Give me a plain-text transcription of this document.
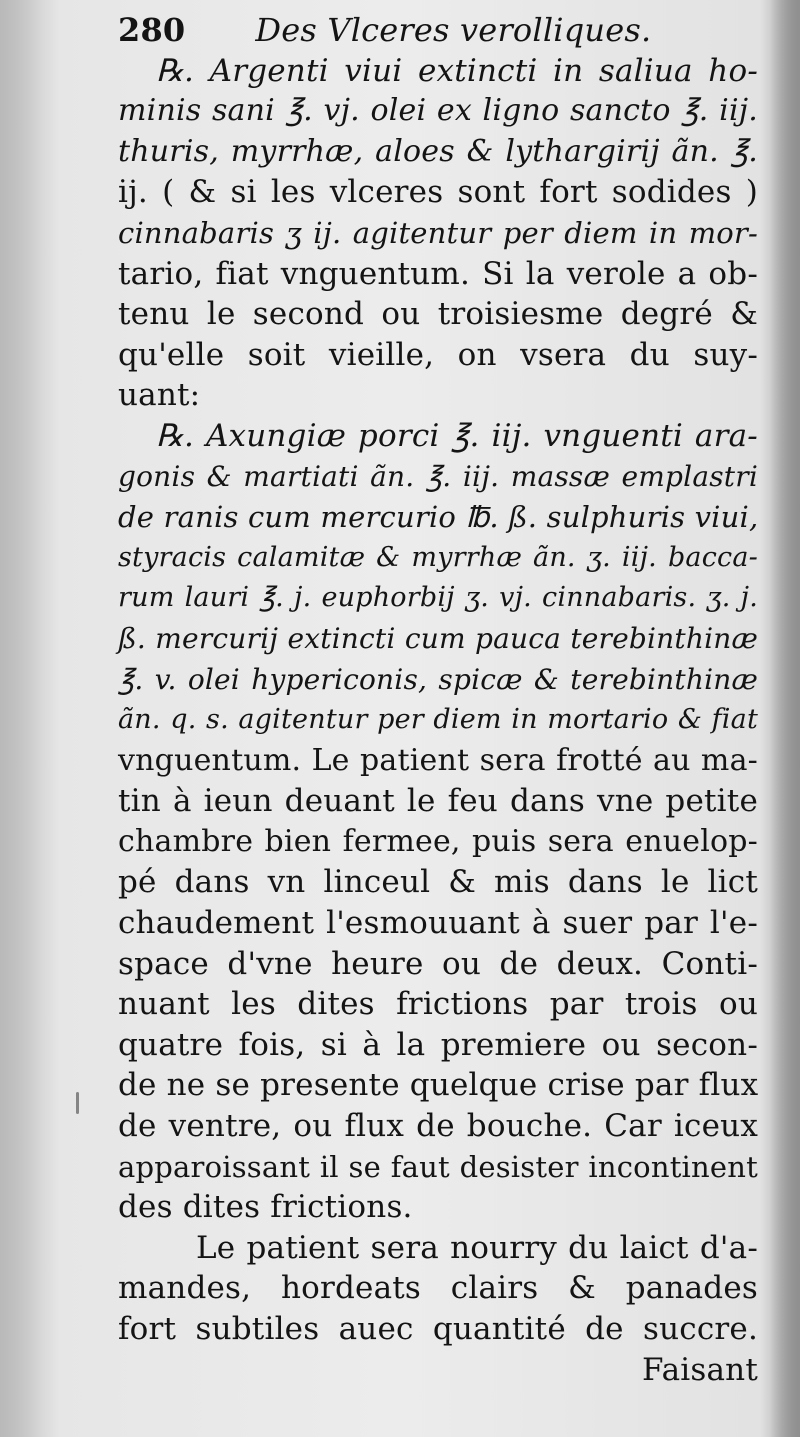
280 Des Vlceres verolliques.
℞. Argenti viui extincti in saliua ho-
minis sani ℥. vj. olei ex ligno sancto ℥. iij.
thuris, myrrhæ, aloes & lythargirij ãn. ℥.
ij. ( & si les vlceres sont fort sodides )
cinnabaris ʒ ij. agitentur per diem in mor-
tario, fiat vnguentum. Si la verole a ob-
tenu le second ou troisiesme degré &
qu'elle soit vieille, on vsera du suy-
uant:
℞. Axungiæ porci ℥. iij. vnguenti ara-
gonis & martiati ãn. ℥. iij. massæ emplastri
de ranis cum mercurio ℔. ß. sulphuris viui,
styracis calamitæ & myrrhæ ãn. ʒ. iij. bacca-
rum lauri ℥. j. euphorbij ʒ. vj. cinnabaris. ʒ. j.
ß. mercurij extincti cum pauca terebinthinæ
℥. v. olei hypericonis, spicæ & terebinthinæ
ãn. q. s. agitentur per diem in mortario & fiat
vnguentum. Le patient sera frotté au ma-
tin à ieun deuant le feu dans vne petite
chambre bien fermee, puis sera enuelop-
pé dans vn linceul & mis dans le lict
chaudement l'esmouuant à suer par l'e-
space d'vne heure ou de deux. Conti-
nuant les dites frictions par trois ou
quatre fois, si à la premiere ou secon-
de ne se presente quelque crise par flux
de ventre, ou flux de bouche. Car iceux
apparoissant il se faut desister incontinent
des dites frictions.
Le patient sera nourry du laict d'a-
mandes, hordeats clairs & panades
fort subtiles auec quantité de succre.
Faisant
